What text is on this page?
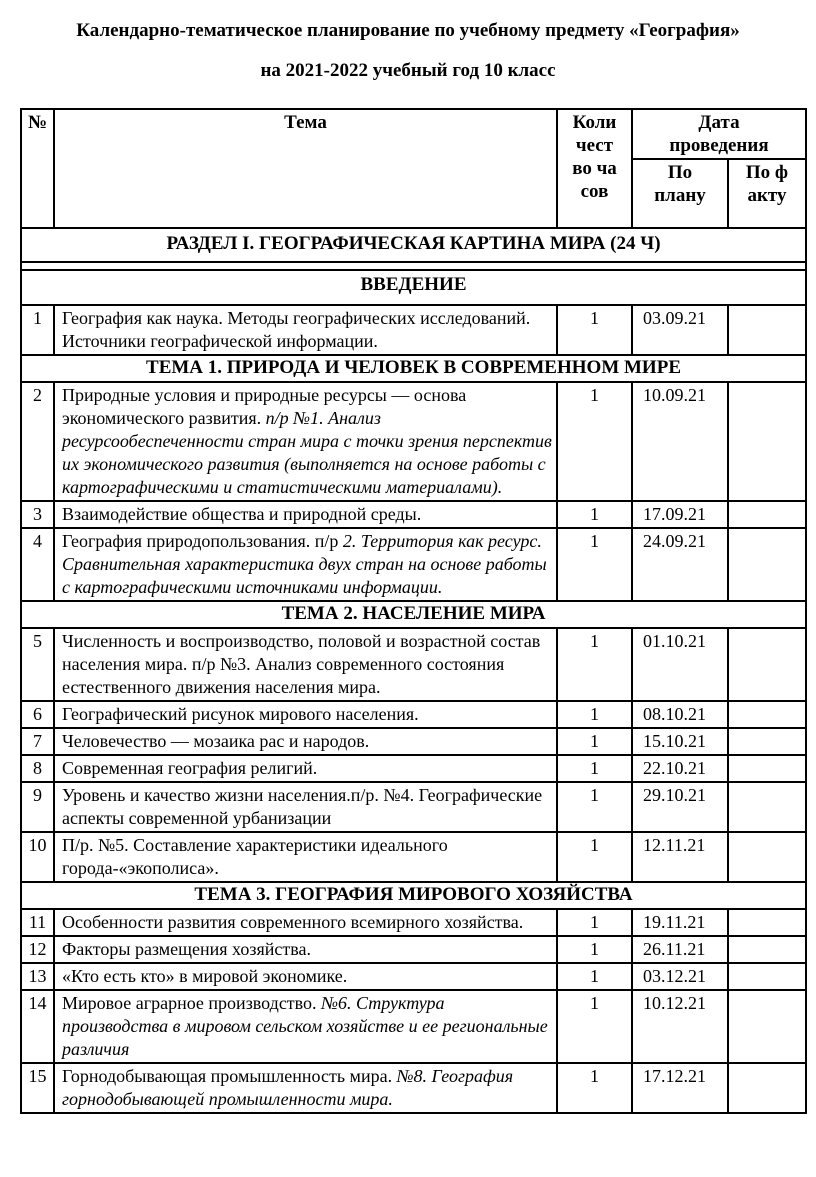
Календарно-тематическое планирование по учебному предмету «География»
на 2021-2022 учебный год 10 класс
№	Тема	Количество часов	Дата проведения	
			По плану	По факту
РАЗДЕЛ I. ГЕОГРАФИЧЕСКАЯ КАРТИНА МИРА (24 Ч)				

ВВЕДЕНИЕ				
1	География как наука. Методы географических исследований. Источники географической информации.	1	03.09.21	
ТЕМА 1. ПРИРОДА И ЧЕЛОВЕК В СОВРЕМЕННОМ МИРЕ				
2	Природные условия и природные ресурсы — основа экономического развития. п/р №1. Анализ ресурсообеспеченности стран мира с точки зрения перспектив их экономического развития (выполняется на основе работы с картографическими и статистическими материалами).	1	10.09.21	
3	Взаимодействие общества и природной среды.	1	17.09.21	
4	География природопользования. п/р 2. Территория как ресурс. Сравнительная характеристика двух стран на основе работы с картографическими источниками информации.	1	24.09.21	
ТЕМА 2. НАСЕЛЕНИЕ МИРА				
5	Численность и воспроизводство, половой и возрастной состав населения мира. п/р №3. Анализ современного состояния естественного движения населения мира.	1	01.10.21	
6	Географический рисунок мирового населения.	1	08.10.21	
7	Человечество — мозаика рас и народов.	1	15.10.21	
8	Современная география религий.	1	22.10.21	
9	Уровень и качество жизни населения.п/р. №4. Географические аспекты современной урбанизации	1	29.10.21	
10	П/р. №5. Составление характеристики идеального города-«экополиса».	1	12.11.21	
ТЕМА 3. ГЕОГРАФИЯ МИРОВОГО ХОЗЯЙСТВА				
11	Особенности развития современного всемирного хозяйства.	1	19.11.21	
12	Факторы размещения хозяйства.	1	26.11.21	
13	«Кто есть кто» в мировой экономике.	1	03.12.21	
14	Мировое аграрное производство. №6. Структура производства в мировом сельском хозяйстве и ее региональные различия	1	10.12.21	
15	Горнодобывающая промышленность мира. №8. География горнодобывающей промышленности мира.	1	17.12.21	
